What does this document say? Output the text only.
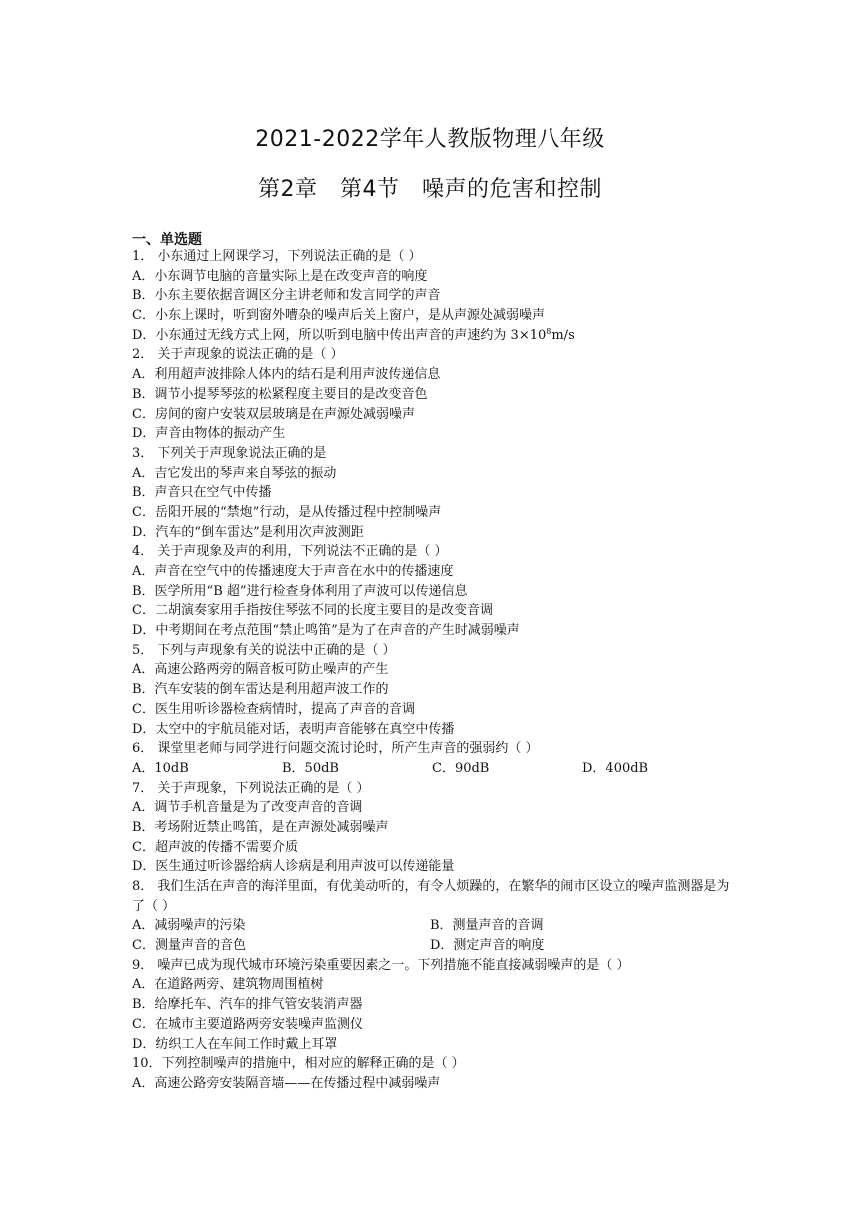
2021-2022学年人教版物理八年级
第2章   第4节   噪声的危害和控制
一、单选题
1． 小东通过上网课学习，下列说法正确的是（ ）
A．小东调节电脑的音量实际上是在改变声音的响度
B．小东主要依据音调区分主讲老师和发言同学的声音
C．小东上课时，听到窗外嘈杂的噪声后关上窗户，是从声源处减弱噪声
D．小东通过无线方式上网，所以听到电脑中传出声音的声速约为 $3\times 10^8m/s$
2． 关于声现象的说法正确的是（ ）
A．利用超声波排除人体内的结石是利用声波传递信息
B．调节小提琴琴弦的松紧程度主要目的是改变音色
C．房间的窗户安装双层玻璃是在声源处减弱噪声
D．声音由物体的振动产生
3． 下列关于声现象说法正确的是
A．吉它发出的琴声来自琴弦的振动
B．声音只在空气中传播
C．岳阳开展的“禁炮”行动，是从传播过程中控制噪声
D．汽车的“倒车雷达”是利用次声波测距
4． 关于声现象及声的利用，下列说法不正确的是（ ）
A．声音在空气中的传播速度大于声音在水中的传播速度
B．医学所用“B 超”进行检查身体利用了声波可以传递信息
C．二胡演奏家用手指按住琴弦不同的长度主要目的是改变音调
D．中考期间在考点范围“禁止鸣笛”是为了在声音的产生时减弱噪声
5． 下列与声现象有关的说法中正确的是（ ）
A．高速公路两旁的隔音板可防止噪声的产生
B．汽车安装的倒车雷达是利用超声波工作的
C．医生用听诊器检查病情时，提高了声音的音调
D．太空中的宇航员能对话，表明声音能够在真空中传播
6． 课堂里老师与同学进行问题交流讨论时，所产生声音的强弱约（ ）
A．10dB	B．50dB	C．90dB	D．400dB
7． 关于声现象，下列说法正确的是（ ）
A．调节手机音量是为了改变声音的音调
B．考场附近禁止鸣笛，是在声源处减弱噪声
C．超声波的传播不需要介质
D．医生通过听诊器给病人诊病是利用声波可以传递能量
8． 我们生活在声音的海洋里面，有优美动听的，有令人烦躁的，在繁华的闹市区设立的噪声监测器是为了（ ）
A．减弱噪声的污染	B．测量声音的音调
C．测量声音的音色	D．测定声音的响度
9． 噪声已成为现代城市环境污染重要因素之一。下列措施不能直接减弱噪声的是（ ）
A．在道路两旁、建筑物周围植树
B．给摩托车、汽车的排气管安装消声器
C．在城市主要道路两旁安装噪声监测仪
D．纺织工人在车间工作时戴上耳罩
10．下列控制噪声的措施中，相对应的解释正确的是（ ）
A．高速公路旁安装隔音墙——在传播过程中减弱噪声
